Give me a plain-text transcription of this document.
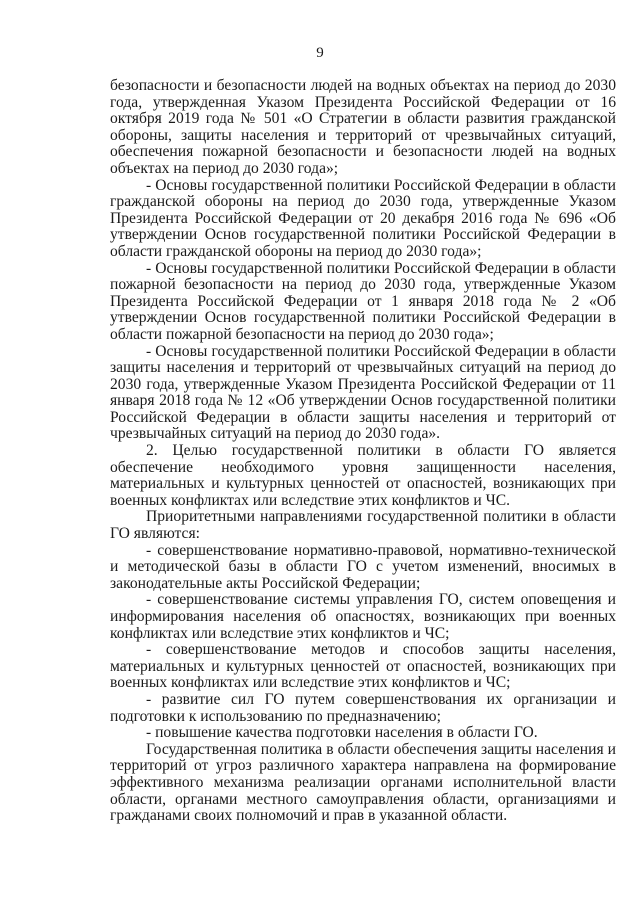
9

безопасности и безопасности людей на водных объектах на период до 2030 года, утвержденная Указом Президента Российской Федерации от 16 октября 2019 года № 501 «О Стратегии в области развития гражданской обороны, защиты населения и территорий от чрезвычайных ситуаций, обеспечения пожарной безопасности и безопасности людей на водных объектах на период до 2030 года»;

- Основы государственной политики Российской Федерации в области гражданской обороны на период до 2030 года, утвержденные Указом Президента Российской Федерации от 20 декабря 2016 года № 696 «Об утверждении Основ государственной политики Российской Федерации в области гражданской обороны на период до 2030 года»;

- Основы государственной политики Российской Федерации в области пожарной безопасности на период до 2030 года, утвержденные Указом Президента Российской Федерации от 1 января 2018 года № 2 «Об утверждении Основ государственной политики Российской Федерации в области пожарной безопасности на период до 2030 года»;

- Основы государственной политики Российской Федерации в области защиты населения и территорий от чрезвычайных ситуаций на период до 2030 года, утвержденные Указом Президента Российской Федерации от 11 января 2018 года № 12 «Об утверждении Основ государственной политики Российской Федерации в области защиты населения и территорий от чрезвычайных ситуаций на период до 2030 года».

2. Целью государственной политики в области ГО является обеспечение необходимого уровня защищенности населения, материальных и культурных ценностей от опасностей, возникающих при военных конфликтах или вследствие этих конфликтов и ЧС.

Приоритетными направлениями государственной политики в области ГО являются:

- совершенствование нормативно-правовой, нормативно-технической и методической базы в области ГО с учетом изменений, вносимых в законодательные акты Российской Федерации;

- совершенствование системы управления ГО, систем оповещения и информирования населения об опасностях, возникающих при военных конфликтах или вследствие этих конфликтов и ЧС;

- совершенствование методов и способов защиты населения, материальных и культурных ценностей от опасностей, возникающих при военных конфликтах или вследствие этих конфликтов и ЧС;

- развитие сил ГО путем совершенствования их организации и подготовки к использованию по предназначению;

- повышение качества подготовки населения в области ГО.

Государственная политика в области обеспечения защиты населения и территорий от угроз различного характера направлена на формирование эффективного механизма реализации органами исполнительной власти области, органами местного самоуправления области, организациями и гражданами своих полномочий и прав в указанной области.
